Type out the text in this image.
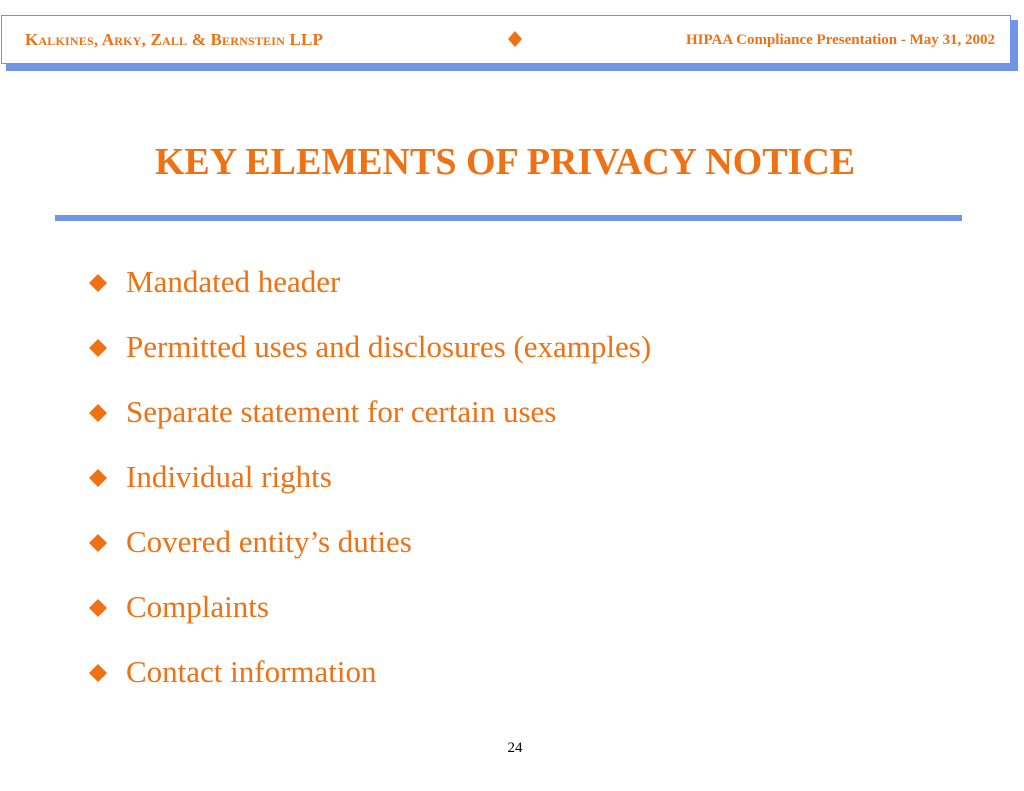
Kalkines, Arky, Zall & Bernstein LLP	HIPAA Compliance Presentation - May 31, 2002
KEY ELEMENTS OF PRIVACY NOTICE
Mandated header
Permitted uses and disclosures (examples)
Separate statement for certain uses
Individual rights
Covered entity’s duties
Complaints
Contact information
24
